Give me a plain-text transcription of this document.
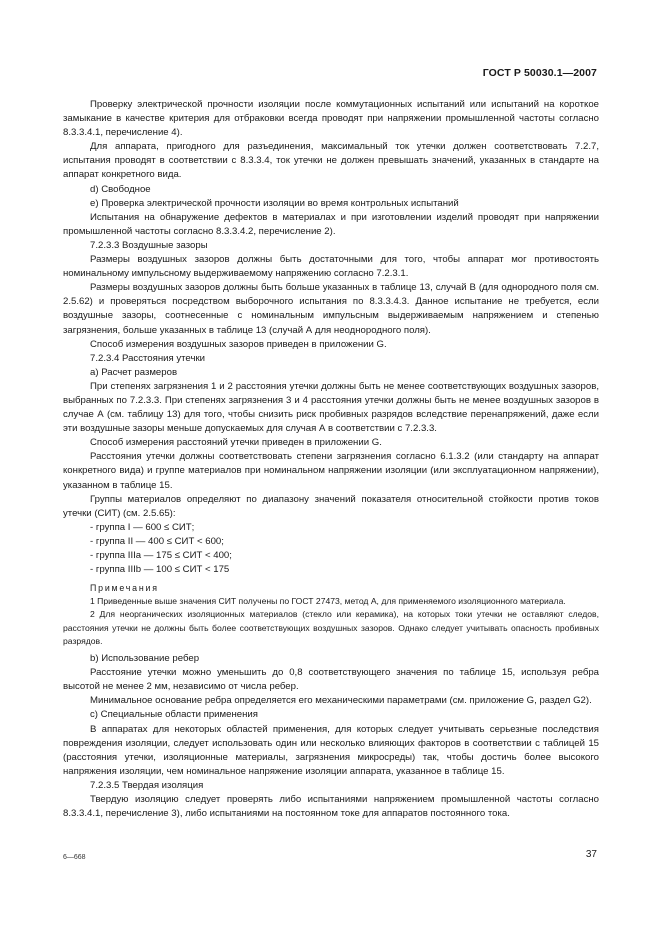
ГОСТ Р 50030.1—2007

Проверку электрической прочности изоляции после коммутационных испытаний или испытаний на короткое замыкание в качестве критерия для отбраковки всегда проводят при напряжении промышленной частоты согласно 8.3.3.4.1, перечисление 4).

Для аппарата, пригодного для разъединения, максимальный ток утечки должен соответствовать 7.2.7, испытания проводят в соответствии с 8.3.3.4, ток утечки не должен превышать значений, указанных в стандарте на аппарат конкретного вида.

d) Свободное

e) Проверка электрической прочности изоляции во время контрольных испытаний

Испытания на обнаружение дефектов в материалах и при изготовлении изделий проводят при напряжении промышленной частоты согласно 8.3.3.4.2, перечисление 2).

7.2.3.3 Воздушные зазоры

Размеры воздушных зазоров должны быть достаточными для того, чтобы аппарат мог противостоять номинальному импульсному выдерживаемому напряжению согласно 7.2.3.1.

Размеры воздушных зазоров должны быть больше указанных в таблице 13, случай В (для однородного поля см. 2.5.62) и проверяться посредством выборочного испытания по 8.3.3.4.3. Данное испытание не требуется, если воздушные зазоры, соотнесенные с номинальным импульсным выдерживаемым напряжением и степенью загрязнения, больше указанных в таблице 13 (случай А для неоднородного поля).

Способ измерения воздушных зазоров приведен в приложении G.

7.2.3.4 Расстояния утечки

а) Расчет размеров

При степенях загрязнения 1 и 2 расстояния утечки должны быть не менее соответствующих воздушных зазоров, выбранных по 7.2.3.3. При степенях загрязнения 3 и 4 расстояния утечки должны быть не менее воздушных зазоров в случае А (см. таблицу 13) для того, чтобы снизить риск пробивных разрядов вследствие перенапряжений, даже если эти воздушные зазоры меньше допускаемых для случая А в соответствии с 7.2.3.3.

Способ измерения расстояний утечки приведен в приложении G.

Расстояния утечки должны соответствовать степени загрязнения согласно 6.1.3.2 (или стандарту на аппарат конкретного вида) и группе материалов при номинальном напряжении изоляции (или эксплуатационном напряжении), указанном в таблице 15.

Группы материалов определяют по диапазону значений показателя относительной стойкости против токов утечки (СИТ) (см. 2.5.65):

- группа I — 600 ≤ СИТ;

- группа II — 400 ≤ СИТ < 600;

- группа IIIа — 175 ≤ СИТ < 400;

- группа IIIb — 100 ≤ СИТ < 175

Примечания

1 Приведенные выше значения СИТ получены по ГОСТ 27473, метод А, для применяемого изоляционного материала.

2 Для неорганических изоляционных материалов (стекло или керамика), на которых токи утечки не оставляют следов, расстояния утечки не должны быть более соответствующих воздушных зазоров. Однако следует учитывать опасность пробивных разрядов.

b) Использование ребер

Расстояние утечки можно уменьшить до 0,8 соответствующего значения по таблице 15, используя ребра высотой не менее 2 мм, независимо от числа ребер.

Минимальное основание ребра определяется его механическими параметрами (см. приложение G, раздел G2).

с) Специальные области применения

В аппаратах для некоторых областей применения, для которых следует учитывать серьезные последствия повреждения изоляции, следует использовать один или несколько влияющих факторов в соответствии с таблицей 15 (расстояния утечки, изоляционные материалы, загрязнения микросреды) так, чтобы достичь более высокого напряжения изоляции, чем номинальное напряжение изоляции аппарата, указанное в таблице 15.

7.2.3.5 Твердая изоляция

Твердую изоляцию следует проверять либо испытаниями напряжением промышленной частоты согласно 8.3.3.4.1, перечисление 3), либо испытаниями на постоянном токе для аппаратов постоянного тока.

6—668	37
